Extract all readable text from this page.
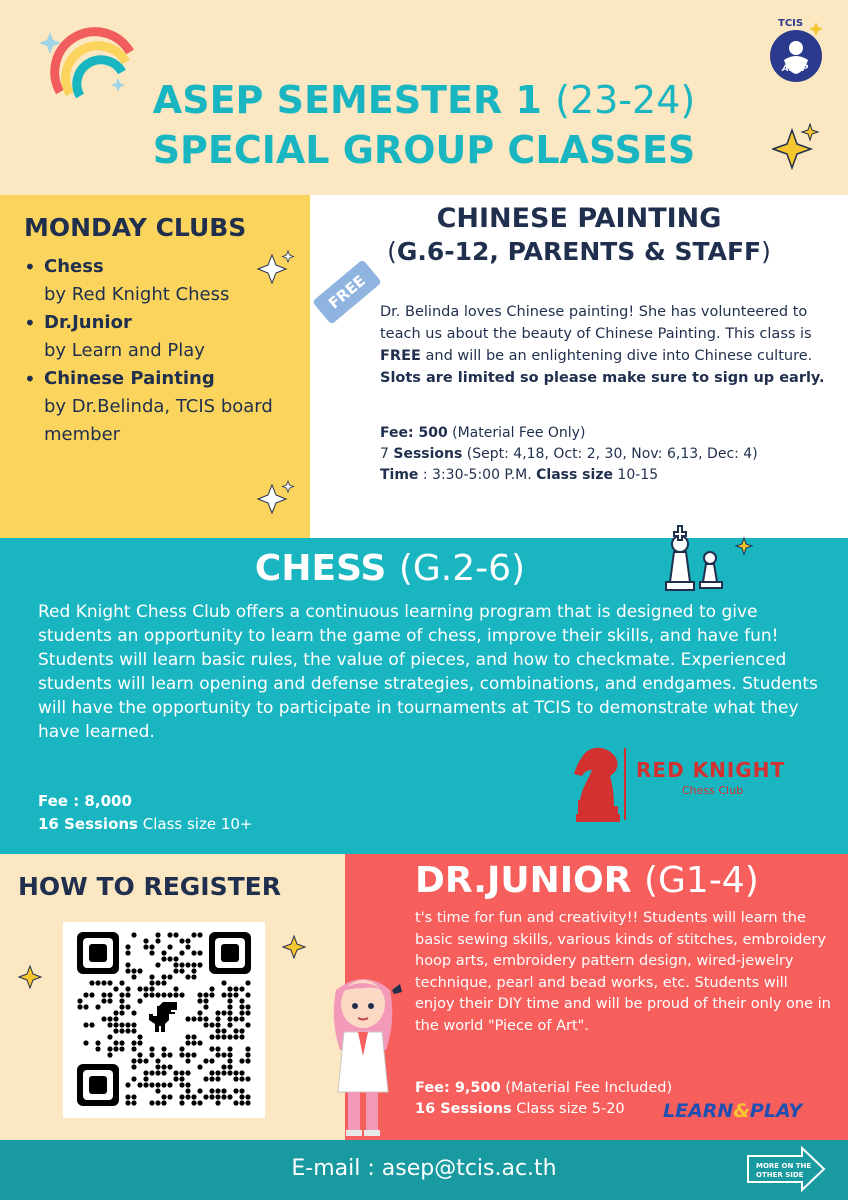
TCIS
ASEP
ASEP SEMESTER 1 (23-24)
SPECIAL GROUP CLASSES
MONDAY CLUBS
• Chess
by Red Knight Chess
• Dr.Junior
by Learn and Play
• Chinese Painting
by Dr.Belinda, TCIS board member
CHINESE PAINTING
(G.6-12, PARENTS & STAFF)
FREE Dr. Belinda loves Chinese painting! She has volunteered to teach us about the beauty of Chinese Painting. This class is FREE and will be an enlightening dive into Chinese culture. Slots are limited so please make sure to sign up early.
Fee: 500 (Material Fee Only)
7 Sessions (Sept: 4,18, Oct: 2, 30, Nov: 6,13, Dec: 4)
Time : 3:30-5:00 P.M. Class size 10-15
CHESS (G.2-6)
Red Knight Chess Club offers a continuous learning program that is designed to give students an opportunity to learn the game of chess, improve their skills, and have fun! Students will learn basic rules, the value of pieces, and how to checkmate. Experienced students will learn opening and defense strategies, combinations, and endgames. Students will have the opportunity to participate in tournaments at TCIS to demonstrate what they have learned.
Fee : 8,000
16 Sessions Class size 10+
RED KNIGHT
Chess Club
HOW TO REGISTER	DR.JUNIOR (G1-4)
t's time for fun and creativity!! Students will learn the basic sewing skills, various kinds of stitches, embroidery hoop arts, embroidery pattern design, wired-jewelry technique, pearl and bead works, etc. Students will
enjoy their DIY time and will be proud of their only one in the world "Piece of Art".
Fee: 9,500 (Material Fee Included)
16 Sessions Class size 5-20	LEARN&PLAY
E-mail : asep@tcis.ac.th	MORE ON THE
OTHER SIDE
